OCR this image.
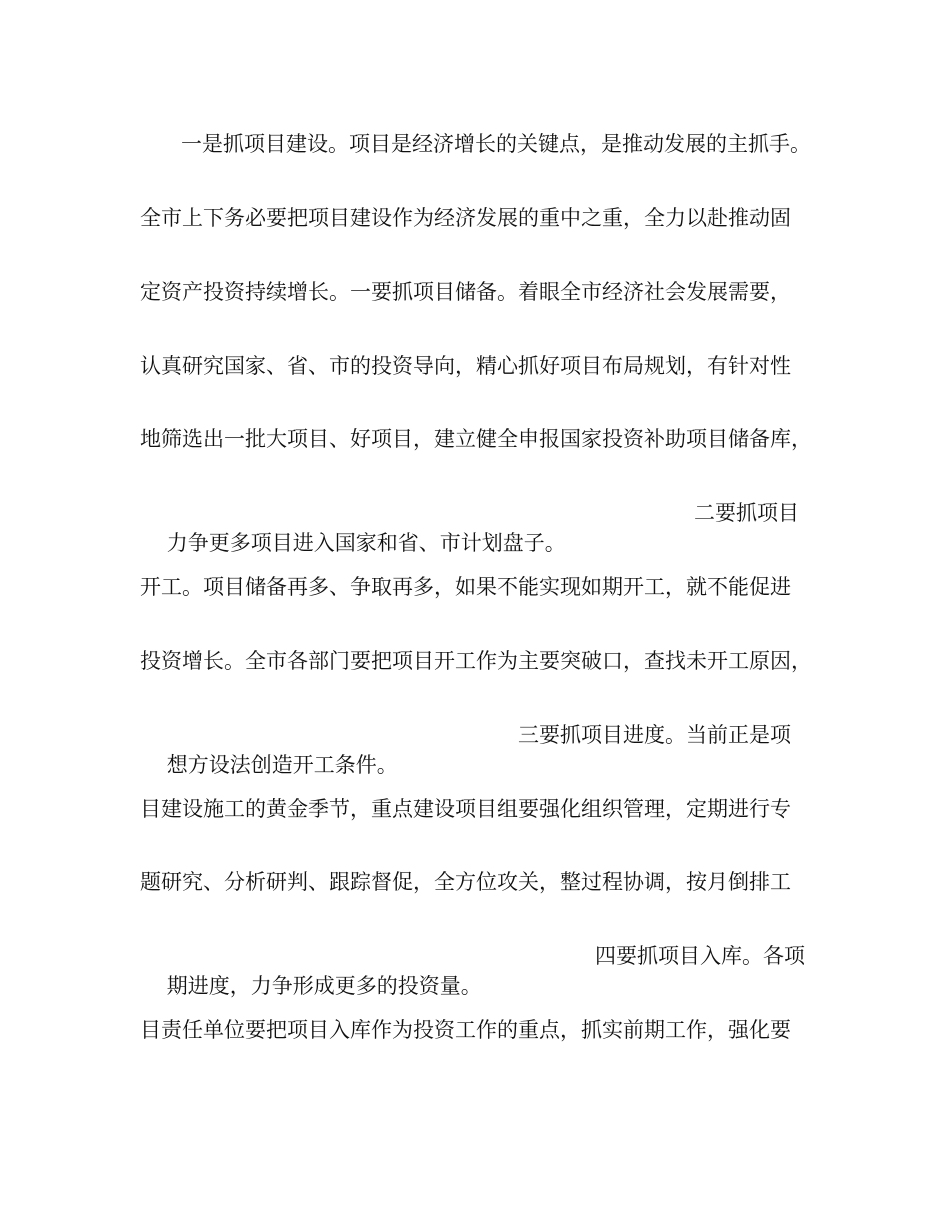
一是抓项目建设。项目是经济增长的关键点，是推动发展的主抓手。
全市上下务必要把项目建设作为经济发展的重中之重，全力以赴推动固
定资产投资持续增长。一要抓项目储备。着眼全市经济社会发展需要，
认真研究国家、省、市的投资导向，精心抓好项目布局规划，有针对性
地筛选出一批大项目、好项目，建立健全申报国家投资补助项目储备库，

力争更多项目进入国家和省、市计划盘子。

二要抓项目

开工。项目储备再多、争取再多，如果不能实现如期开工，就不能促进
投资增长。全市各部门要把项目开工作为主要突破口，查找未开工原因，

想方设法创造开工条件。

三要抓项目进度。当前正是项

目建设施工的黄金季节，重点建设项目组要强化组织管理，定期进行专
题研究、分析研判、跟踪督促，全方位攻关，整过程协调，按月倒排工

期进度，力争形成更多的投资量。

四要抓项目入库。各项

目责任单位要把项目入库作为投资工作的重点，抓实前期工作，强化要
